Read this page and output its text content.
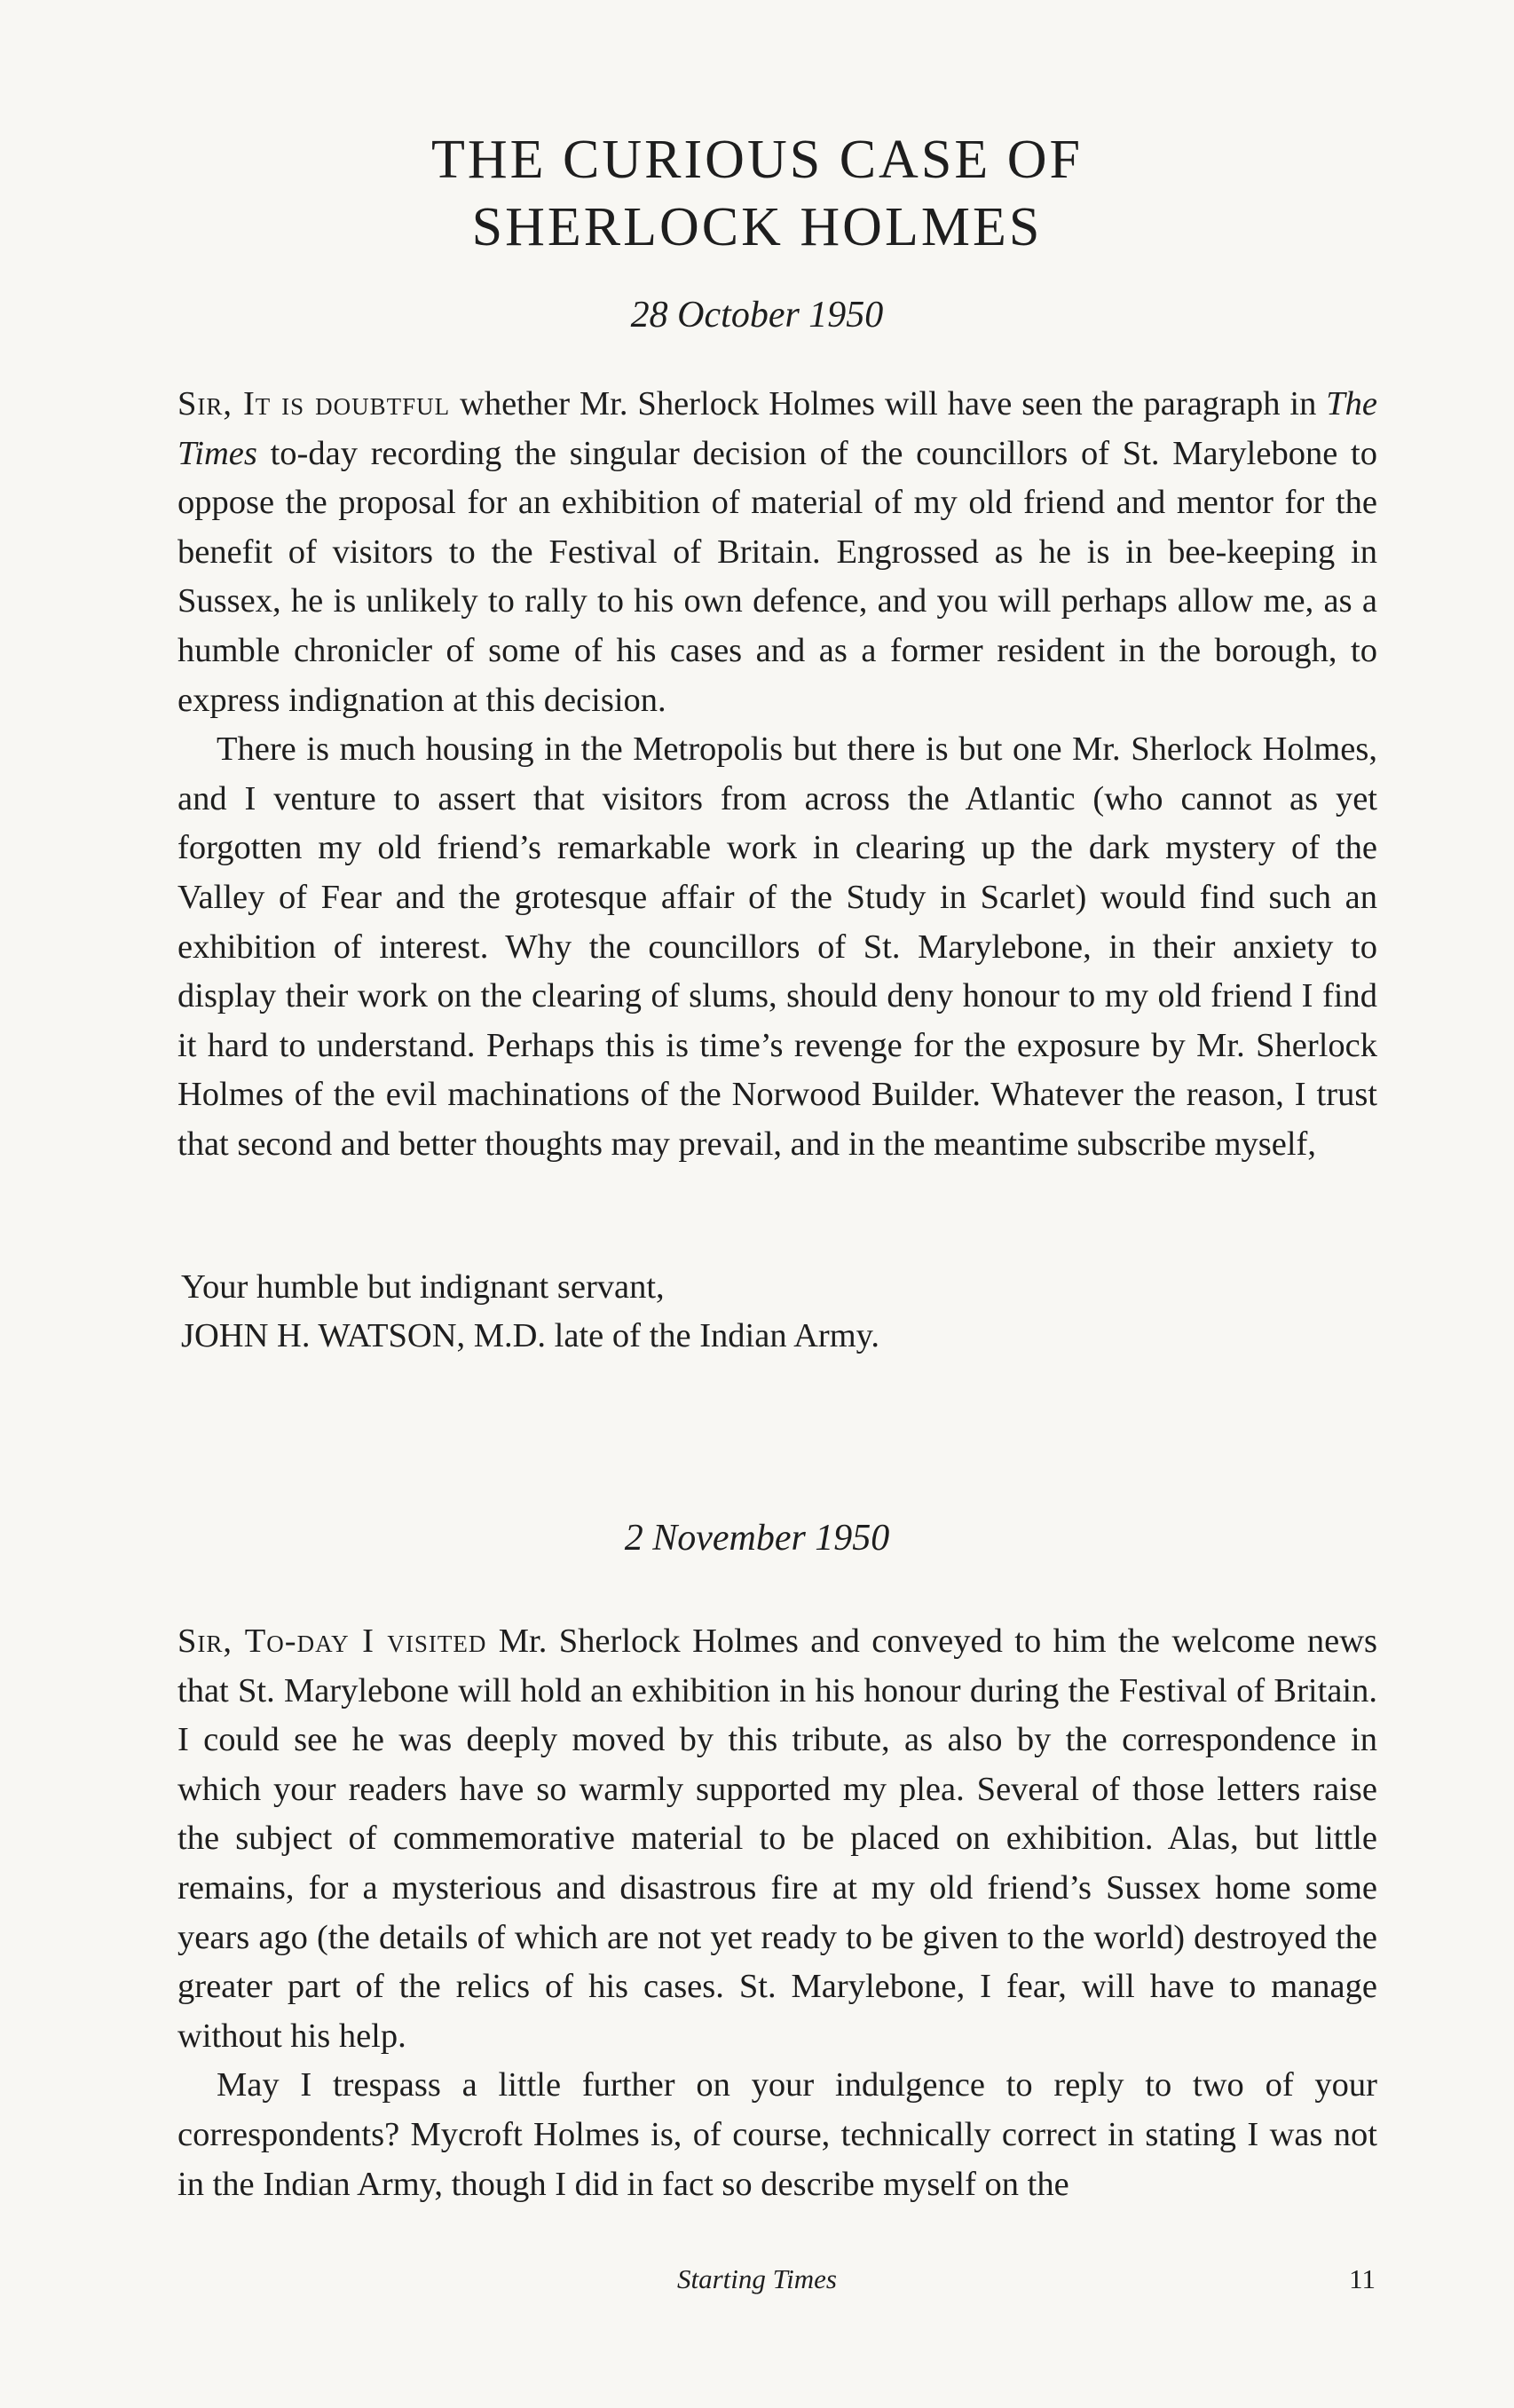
THE CURIOUS CASE OF
SHERLOCK HOLMES
28 October 1950

Sir, It is doubtful whether Mr. Sherlock Holmes will have seen the paragraph in The Times to-day recording the singular decision of the councillors of St. Marylebone to oppose the proposal for an exhibition of material of my old friend and mentor for the benefit of visitors to the Festival of Britain. Engrossed as he is in bee-keeping in Sussex, he is unlikely to rally to his own defence, and you will perhaps allow me, as a humble chronicler of some of his cases and as a former resident in the borough, to express indignation at this decision.

There is much housing in the Metropolis but there is but one Mr. Sherlock Holmes, and I venture to assert that visitors from across the Atlantic (who cannot as yet forgotten my old friend’s remarkable work in clearing up the dark mystery of the Valley of Fear and the grotesque affair of the Study in Scarlet) would find such an exhibition of interest. Why the councillors of St. Marylebone, in their anxiety to display their work on the clearing of slums, should deny honour to my old friend I find it hard to understand. Perhaps this is time’s revenge for the exposure by Mr. Sherlock Holmes of the evil machinations of the Norwood Builder. Whatever the reason, I trust that second and better thoughts may prevail, and in the meantime subscribe myself,

Your humble but indignant servant,
JOHN H. WATSON, M.D. late of the Indian Army.
2 November 1950

Sir, To-day I visited Mr. Sherlock Holmes and conveyed to him the welcome news that St. Marylebone will hold an exhibition in his honour during the Festival of Britain. I could see he was deeply moved by this tribute, as also by the correspondence in which your readers have so warmly supported my plea. Several of those letters raise the subject of commemorative material to be placed on exhibition. Alas, but little remains, for a mysterious and disastrous fire at my old friend’s Sussex home some years ago (the details of which are not yet ready to be given to the world) destroyed the greater part of the relics of his cases. St. Marylebone, I fear, will have to manage without his help.

May I trespass a little further on your indulgence to reply to two of your correspondents? Mycroft Holmes is, of course, technically correct in stating I was not in the Indian Army, though I did in fact so describe myself on the

Starting Times	11
